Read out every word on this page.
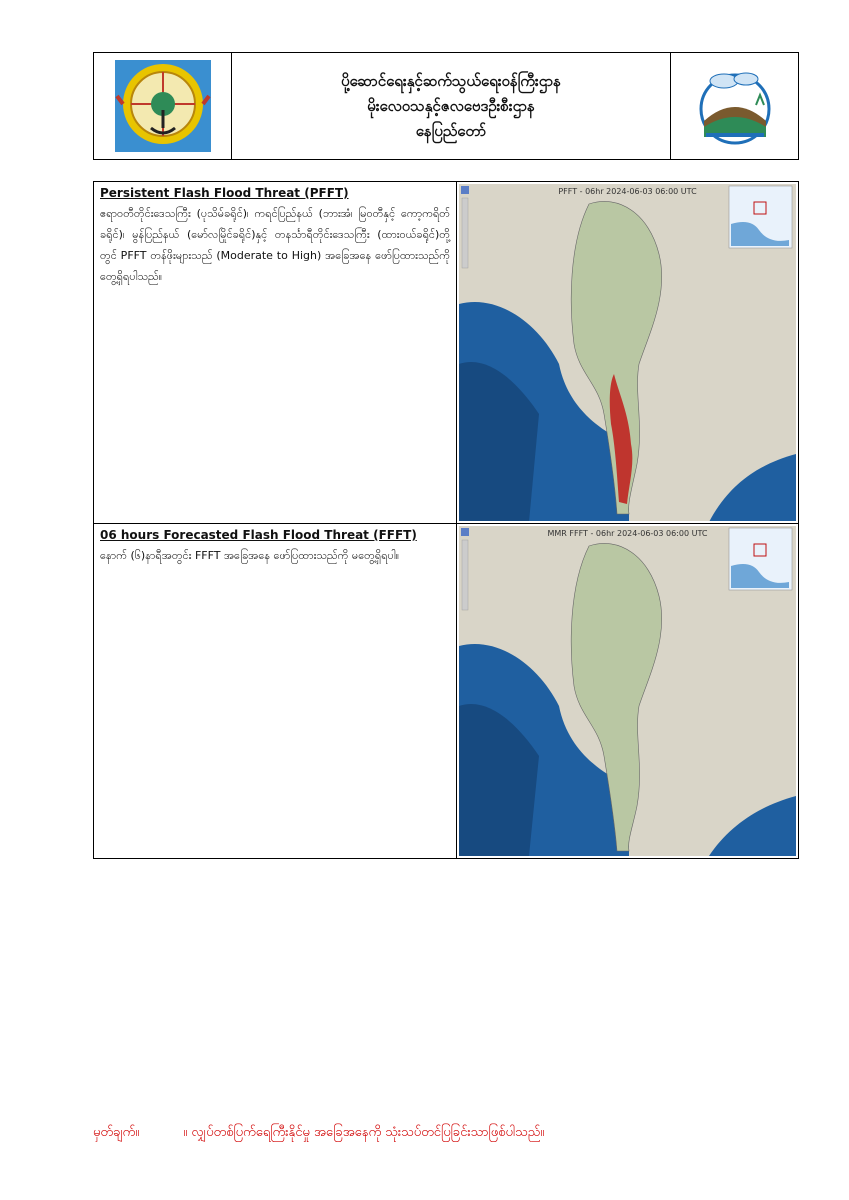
ပို့ဆောင်ရေးနှင့်ဆက်သွယ်ရေးဝန်ကြီးဌာန
မိုးလေဝသနှင့်ဇလဗေဒဦးစီးဌာန
နေပြည်တော်

Persistent Flash Flood Threat (PFFT)

ဧရာဝတီတိုင်းဒေသကြီး (ပုသိမ်ခရိုင်)၊ ကရင်ပြည်နယ် (ဘားအံ၊ မြဝတီနှင့် ကော့ကရိတ်ခရိုင်)၊ မွန်ပြည်နယ် (မော်လမြိုင်ခရိုင်)နှင့် တနင်္သာရီတိုင်းဒေသကြီး (ထားဝယ်ခရိုင်)တို့တွင် PFFT တန်ဖိုးများသည် (Moderate to High) အခြေအနေ ဖော်ပြထားသည်ကို တွေ့ရှိရပါသည်။

PFFT - 06hr 2024-06-03 06:00 UTC

06 hours Forecasted Flash Flood Threat (FFFT)

နောက် (၆)နာရီအတွင်း FFFT အခြေအနေ ဖော်ပြထားသည်ကို မတွေ့ရှိရပါ။

MMR FFFT - 06hr 2024-06-03 06:00 UTC
မှတ်ချက်။	။ လျှပ်တစ်ပြက်ရေကြီးနိုင်မှု အခြေအနေကို သုံးသပ်တင်ပြခြင်းသာဖြစ်ပါသည်။
